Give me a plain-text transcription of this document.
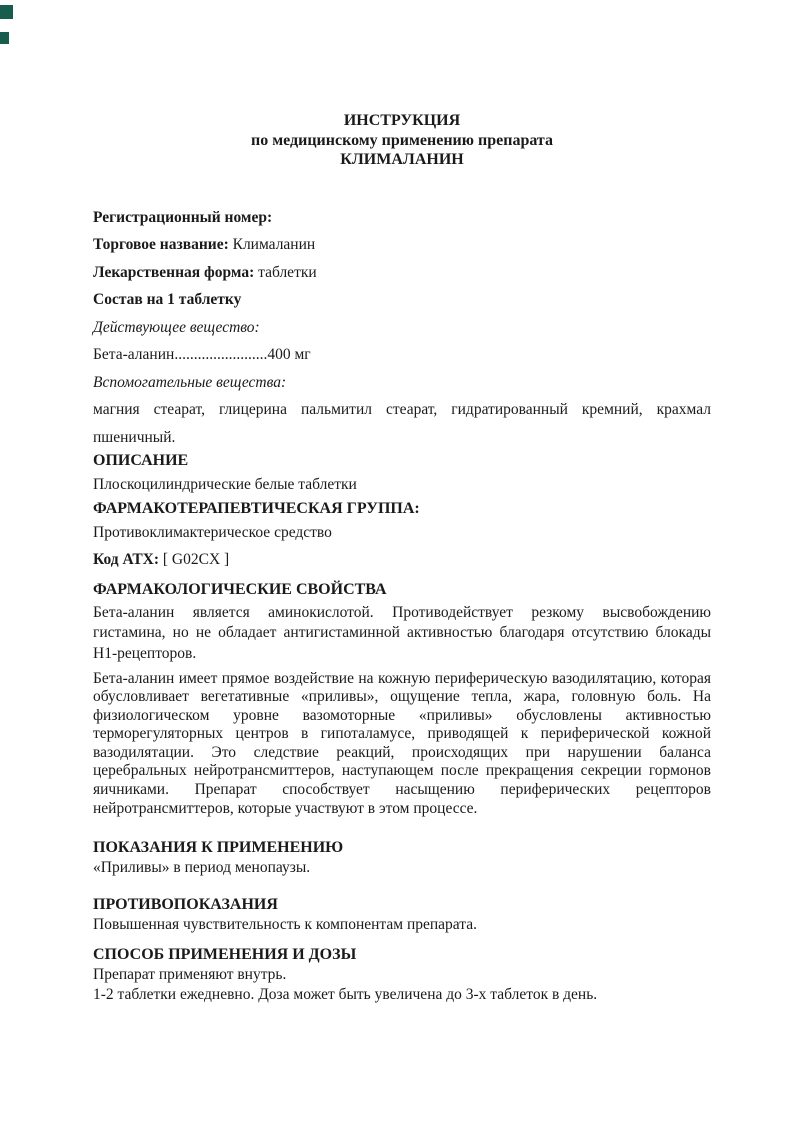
ИНСТРУКЦИЯ
по медицинскому применению препарата
КЛИМАЛАНИН
Регистрационный номер:
Торговое название: Клималанин
Лекарственная форма: таблетки
Состав на 1 таблетку
Действующее вещество:
Бета-аланин........................400 мг
Вспомогательные вещества:

магния стеарат, глицерина пальмитил стеарат, гидратированный кремний, крахмал пшеничный.

ОПИСАНИЕ
Плоскоцилиндрические белые таблетки
ФАРМАКОТЕРАПЕВТИЧЕСКАЯ ГРУППА:
Противоклимактерическое средство
Код АТХ: [ G02CX ]
ФАРМАКОЛОГИЧЕСКИЕ СВОЙСТВА

Бета-аланин является аминокислотой. Противодействует резкому высвобождению гистамина, но не обладает антигистаминной активностью благодаря отсутствию блокады Н1-рецепторов.

Бета-аланин имеет прямое воздействие на кожную периферическую вазодилятацию, которая обусловливает вегетативные «приливы», ощущение тепла, жара, головную боль. На физиологическом уровне вазомоторные «приливы» обусловлены активностью терморегуляторных центров в гипоталамусе, приводящей к периферической кожной вазодилятации. Это следствие реакций, происходящих при нарушении баланса церебральных нейротрансмиттеров, наступающем после прекращения секреции гормонов яичниками. Препарат способствует насыщению периферических рецепторов нейротрансмиттеров, которые участвуют в этом процессе.

ПОКАЗАНИЯ К ПРИМЕНЕНИЮ

«Приливы» в период менопаузы.

ПРОТИВОПОКАЗАНИЯ

Повышенная чувствительность к компонентам препарата.

СПОСОБ ПРИМЕНЕНИЯ И ДОЗЫ

Препарат применяют внутрь.

1-2 таблетки ежедневно. Доза может быть увеличена до 3-х таблеток в день.
